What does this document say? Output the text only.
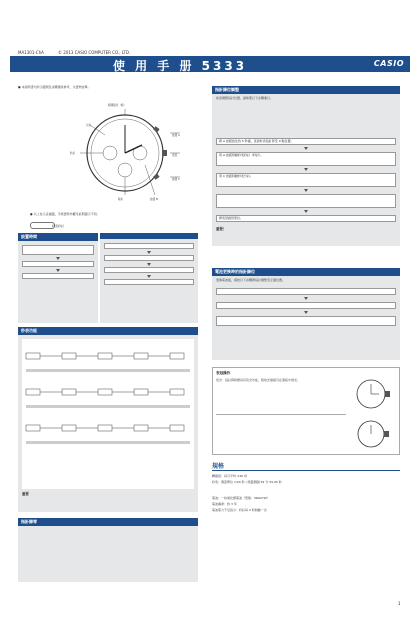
MA1301-ChA	© 2013 CASIO COMPUTER CO., LTD.
使 用 手 册 5333	CASIO
● 本說明書內所示圖例及步驟僅供參考，以實物為準。
時間模式（時）
按鈕 A
表冠
按鈕 C
分針
秒針
時針	按鈕 B
● 以上為示意插圖，手錶實際外觀可能與圖示不同。
秒表秒針
設置時間
秒表功能
重要
指針歸零
指針歸位調整
如需調整指針位置，請參照以下步驟進行。
將 A 按鈕按住約 5 秒鐘，直到秒表指針移至 0 點位置。
用 A 按鈕移動秒表秒針（秒針）。
用 C 按鈕移動秒表分針。
將表冠推回原位。
重要！
電池更換時的指針歸位
更換電池後，請按以下步驟將指針調整至正確位置。
表冠操作
夜光：指針與時標具有夜光功能，吸收光線後可在黑暗中發光。
規格
精確度：每月平均 ±20 秒
秒表：測量單位 1/20 秒 / 測量範圍 59 分 59.95 秒
電池：一枚氧化銀電池（型號：SR927W）
電池壽命：約 3 年
電池電力不足指示：秒針每 2 秒跳動一次
1
